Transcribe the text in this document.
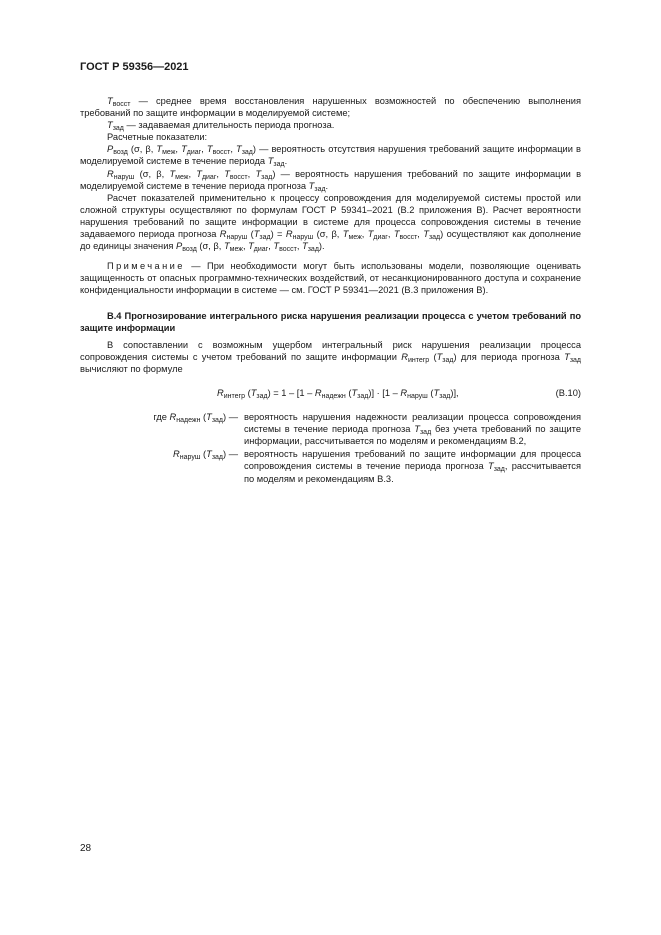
ГОСТ Р 59356—2021

$T_{восст}$ — среднее время восстановления нарушенных возможностей по обеспечению выполнения требований по защите информации в моделируемой системе;

$T_{зад}$ — задаваемая длительность периода прогноза.

Расчетные показатели:

$P_{возд}$ (σ, β, $T_{меж}$, $T_{диаг}$, $T_{восст}$, $T_{зад}$) — вероятность отсутствия нарушения требований защите информации в моделируемой системе в течение периода $T_{зад}$.

$R_{наруш}$ (σ, β, $T_{меж}$, $T_{диаг}$, $T_{восст}$, $T_{зад}$) — вероятность нарушения требований по защите информации в моделируемой системе в течение периода прогноза $T_{зад}$.

Расчет показателей применительно к процессу сопровождения для моделируемой системы простой или сложной структуры осуществляют по формулам ГОСТ Р 59341–2021 (В.2 приложения В). Расчет вероятности нарушения требований по защите информации в системе для процесса сопровождения системы в течение задаваемого периода прогноза $R_{наруш}$ $(T_{зад}) = R_{наруш}$ (σ, β, $T_{меж}$, $T_{диаг}$, $T_{восст}$, $T_{зад}$) осуществляют как дополнение до единицы значения $P_{возд}$ (σ, β, $T_{меж}$, $T_{диаг}$, $T_{восст}$, $T_{зад}$).

Примечание — При необходимости могут быть использованы модели, позволяющие оценивать защищенность от опасных программно-технических воздействий, от несанкционированного доступа и сохранение конфиденциальности информации в системе — см. ГОСТ Р 59341—2021 (В.3 приложения В).

В.4 Прогнозирование интегрального риска нарушения реализации процесса с учетом требований по защите информации

В сопоставлении с возможным ущербом интегральный риск нарушения реализации процесса сопровождения системы с учетом требований по защите информации $R_{интегр}$ $(T_{зад})$ для периода прогноза $T_{зад}$ вычисляют по формуле

$R_{интегр}$ $(T_{зад}) = 1 - [1 - R_{надежн}$ $(T_{зад})] \cdot [1 - R_{наруш}$ $(T_{зад})$],	(В.10)
где $R_{надежн}$ $(T_{зад})$ — вероятность нарушения надежности реализации процесса сопровождения системы в течение периода прогноза $T_{зад}$ без учета требований по защите информации, рассчитывается по моделям и рекомендациям В.2,
$R_{наруш}$ $(T_{зад})$ — вероятность нарушения требований по защите информации для процесса сопровождения системы в течение периода прогноза $T_{зад}$, рассчитывается по моделям и рекомендациям В.3.
28
